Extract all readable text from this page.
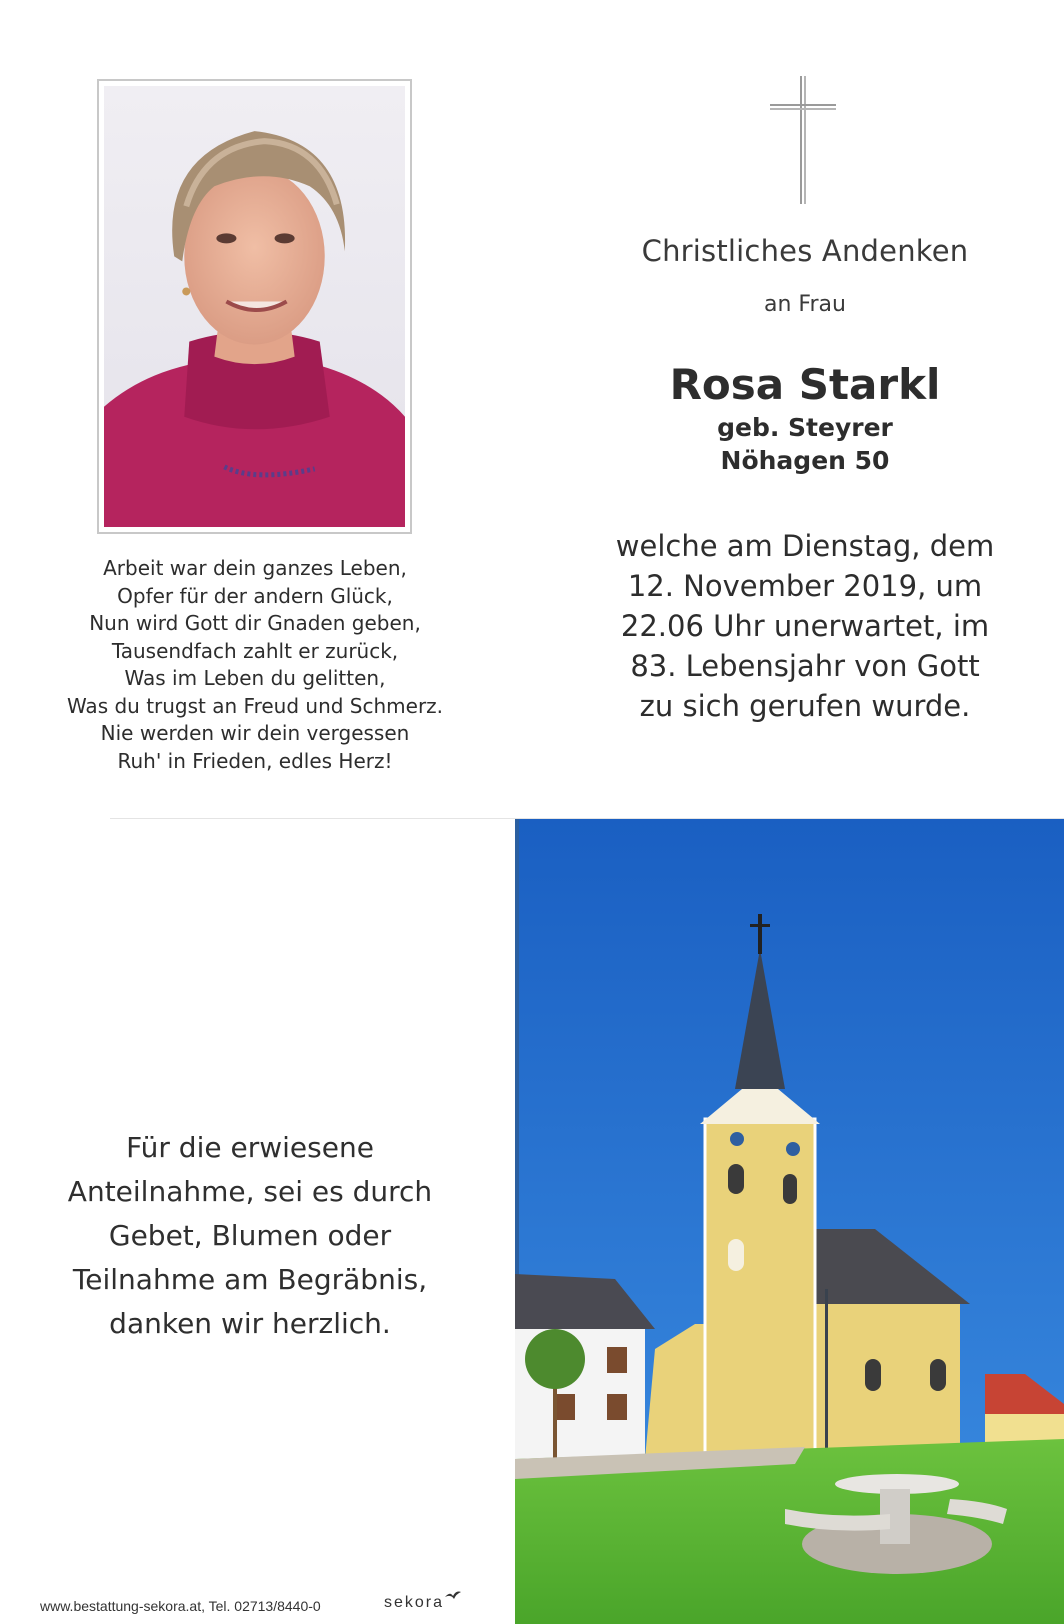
Arbeit war dein ganzes Leben,
Opfer für der andern Glück,
Nun wird Gott dir Gnaden geben,
Tausendfach zahlt er zurück,
Was im Leben du gelitten,
Was du trugst an Freud und Schmerz.
Nie werden wir dein vergessen
Ruh' in Frieden, edles Herz!
Christliches Andenken
an Frau
Rosa Starkl
geb. Steyrer
Nöhagen 50
welche am Dienstag, dem
12. November 2019, um
22.06 Uhr unerwartet, im
83. Lebensjahr von Gott
zu sich gerufen wurde.
Für die erwiesene
Anteilnahme, sei es durch
Gebet, Blumen oder
Teilnahme am Begräbnis,
danken wir herzlich.
www.bestattung-sekora.at, Tel. 02713/8440-0	sekora
